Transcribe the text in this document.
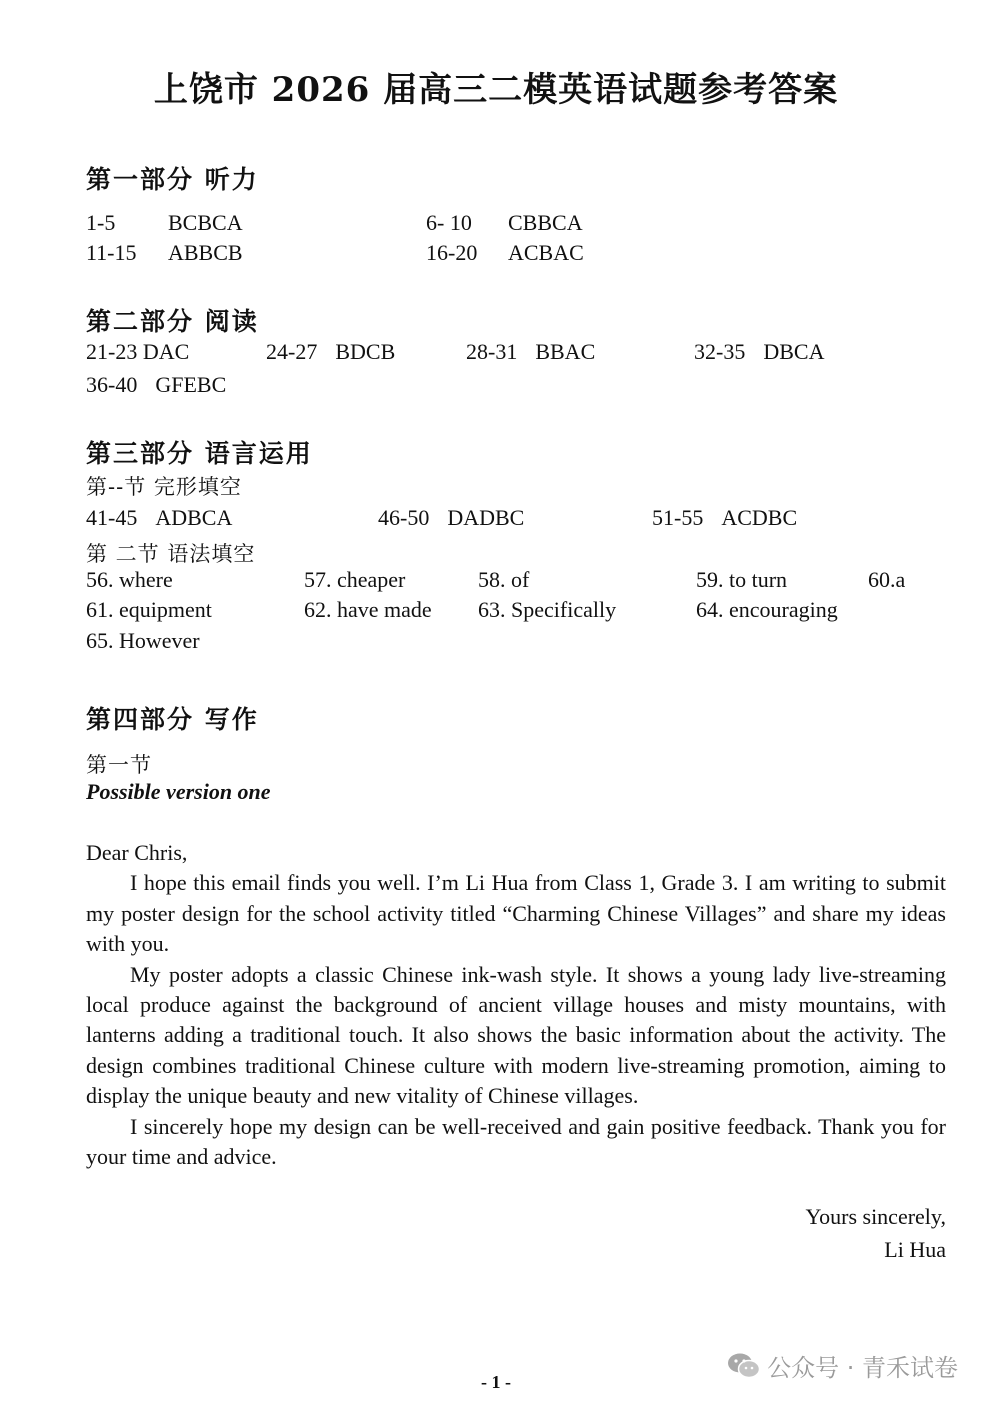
上饶市 2026 届高三二模英语试题参考答案
第一部分 听力
1-5 BCBCA	6- 10 CBBCA
11-15 ABBCB	16-20 ACBAC
第二部分 阅读
21-23 DAC	24-27 BDCB	28-31 BBAC	32-35 DBCA
36-40 GFEBC
第三部分 语言运用
第--节 完形填空
41-45 ADBCA	46-50 DADBC	51-55 ACDBC
第 二节 语法填空
56. where	57. cheaper	58. of	59. to turn	60.a
61. equipment	62. have made 63. Specifically	64. encouraging
65. However
第四部分 写作
第一节
Possible version one

Dear Chris,

I hope this email finds you well. I’m Li Hua from Class 1, Grade 3. I am writing to submit my poster design for the school activity titled “Charming Chinese Villages” and share my ideas with you.

My poster adopts a classic Chinese ink-wash style. It shows a young lady live-streaming local produce against the background of ancient village houses and misty mountains, with lanterns adding a traditional touch. It also shows the basic information about the activity. The design combines traditional Chinese culture with modern live-streaming promotion, aiming to display the unique beauty and new vitality of Chinese villages.

I sincerely hope my design can be well-received and gain positive feedback. Thank you for your time and advice.

Yours sincerely,
Li Hua
公众号 · 青禾试卷
- 1 -
